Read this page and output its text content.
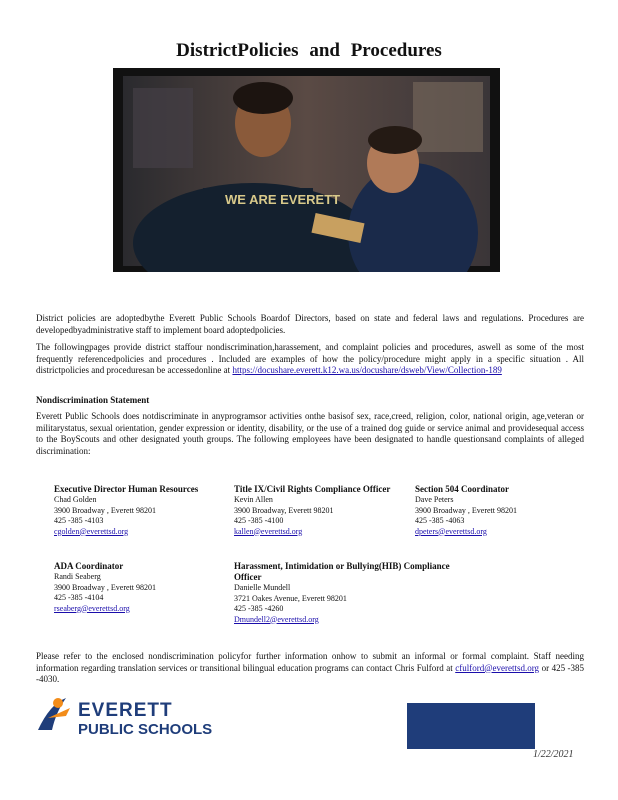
DistrictPolicies and Procedures
WE ARE EVERETT
District policies are adoptedbythe Everett Public Schools Boardof Directors, based on state and federal laws and regulations. Procedures are developedbyadministrative staff to implement board adoptedpolicies.
The followingpages provide district staffour nondiscrimination,harassement, and complaint policies and procedures, aswell as some of the most frequently referencedpolicies and procedures . Included are examples of how the policy/procedure might apply in a specific situation . All districtpolicies and proceduresan be accessedonline at https://docushare.everett.k12.wa.us/docushare/dsweb/View/Collection-189
Nondiscrimination Statement
Everett Public Schools does notdiscriminate in anyprogramsor activities onthe basisof sex, race,creed, religion, color, national origin, age,veteran or militarystatus, sexual orientation, gender expression or identity, disability, or the use of a trained dog guide or service animal and providesequal access to the BoyScouts and other designated youth groups. The following employees have been designated to handle questionsand complaints of alleged discrimination:
Executive Director Human Resources
Chad Golden
3900 Broadway , Everett 98201
425 -385 -4103
cgolden@everettsd.org
Title IX/Civil Rights Compliance Officer
Kevin Allen
3900 Broadway, Everett 98201
425 -385 -4100
kallen@everettsd.org
Section 504 Coordinator
Dave Peters
3900 Broadway , Everett 98201
425 -385 -4063
dpeters@everettsd.org
ADA Coordinator
Randi Seaberg
3900 Broadway , Everett 98201
425 -385 -4104
rseaberg@everettsd.org
Harassment, Intimidation or Bullying(HIB) Compliance Officer
Danielle Mundell
3721 Oakes Avenue, Everett 98201
425 -385 -4260
Dmundell2@everettsd.org
Please refer to the enclosed nondiscrimination policyfor further information onhow to submit an informal or formal complaint. Staff needing information regarding translation services or transitional bilingual education programs can contact Chris Fulford at cfulford@everettsd.org or 425 -385 -4030.
EVERETT
PUBLIC SCHOOLS
1/22/2021
